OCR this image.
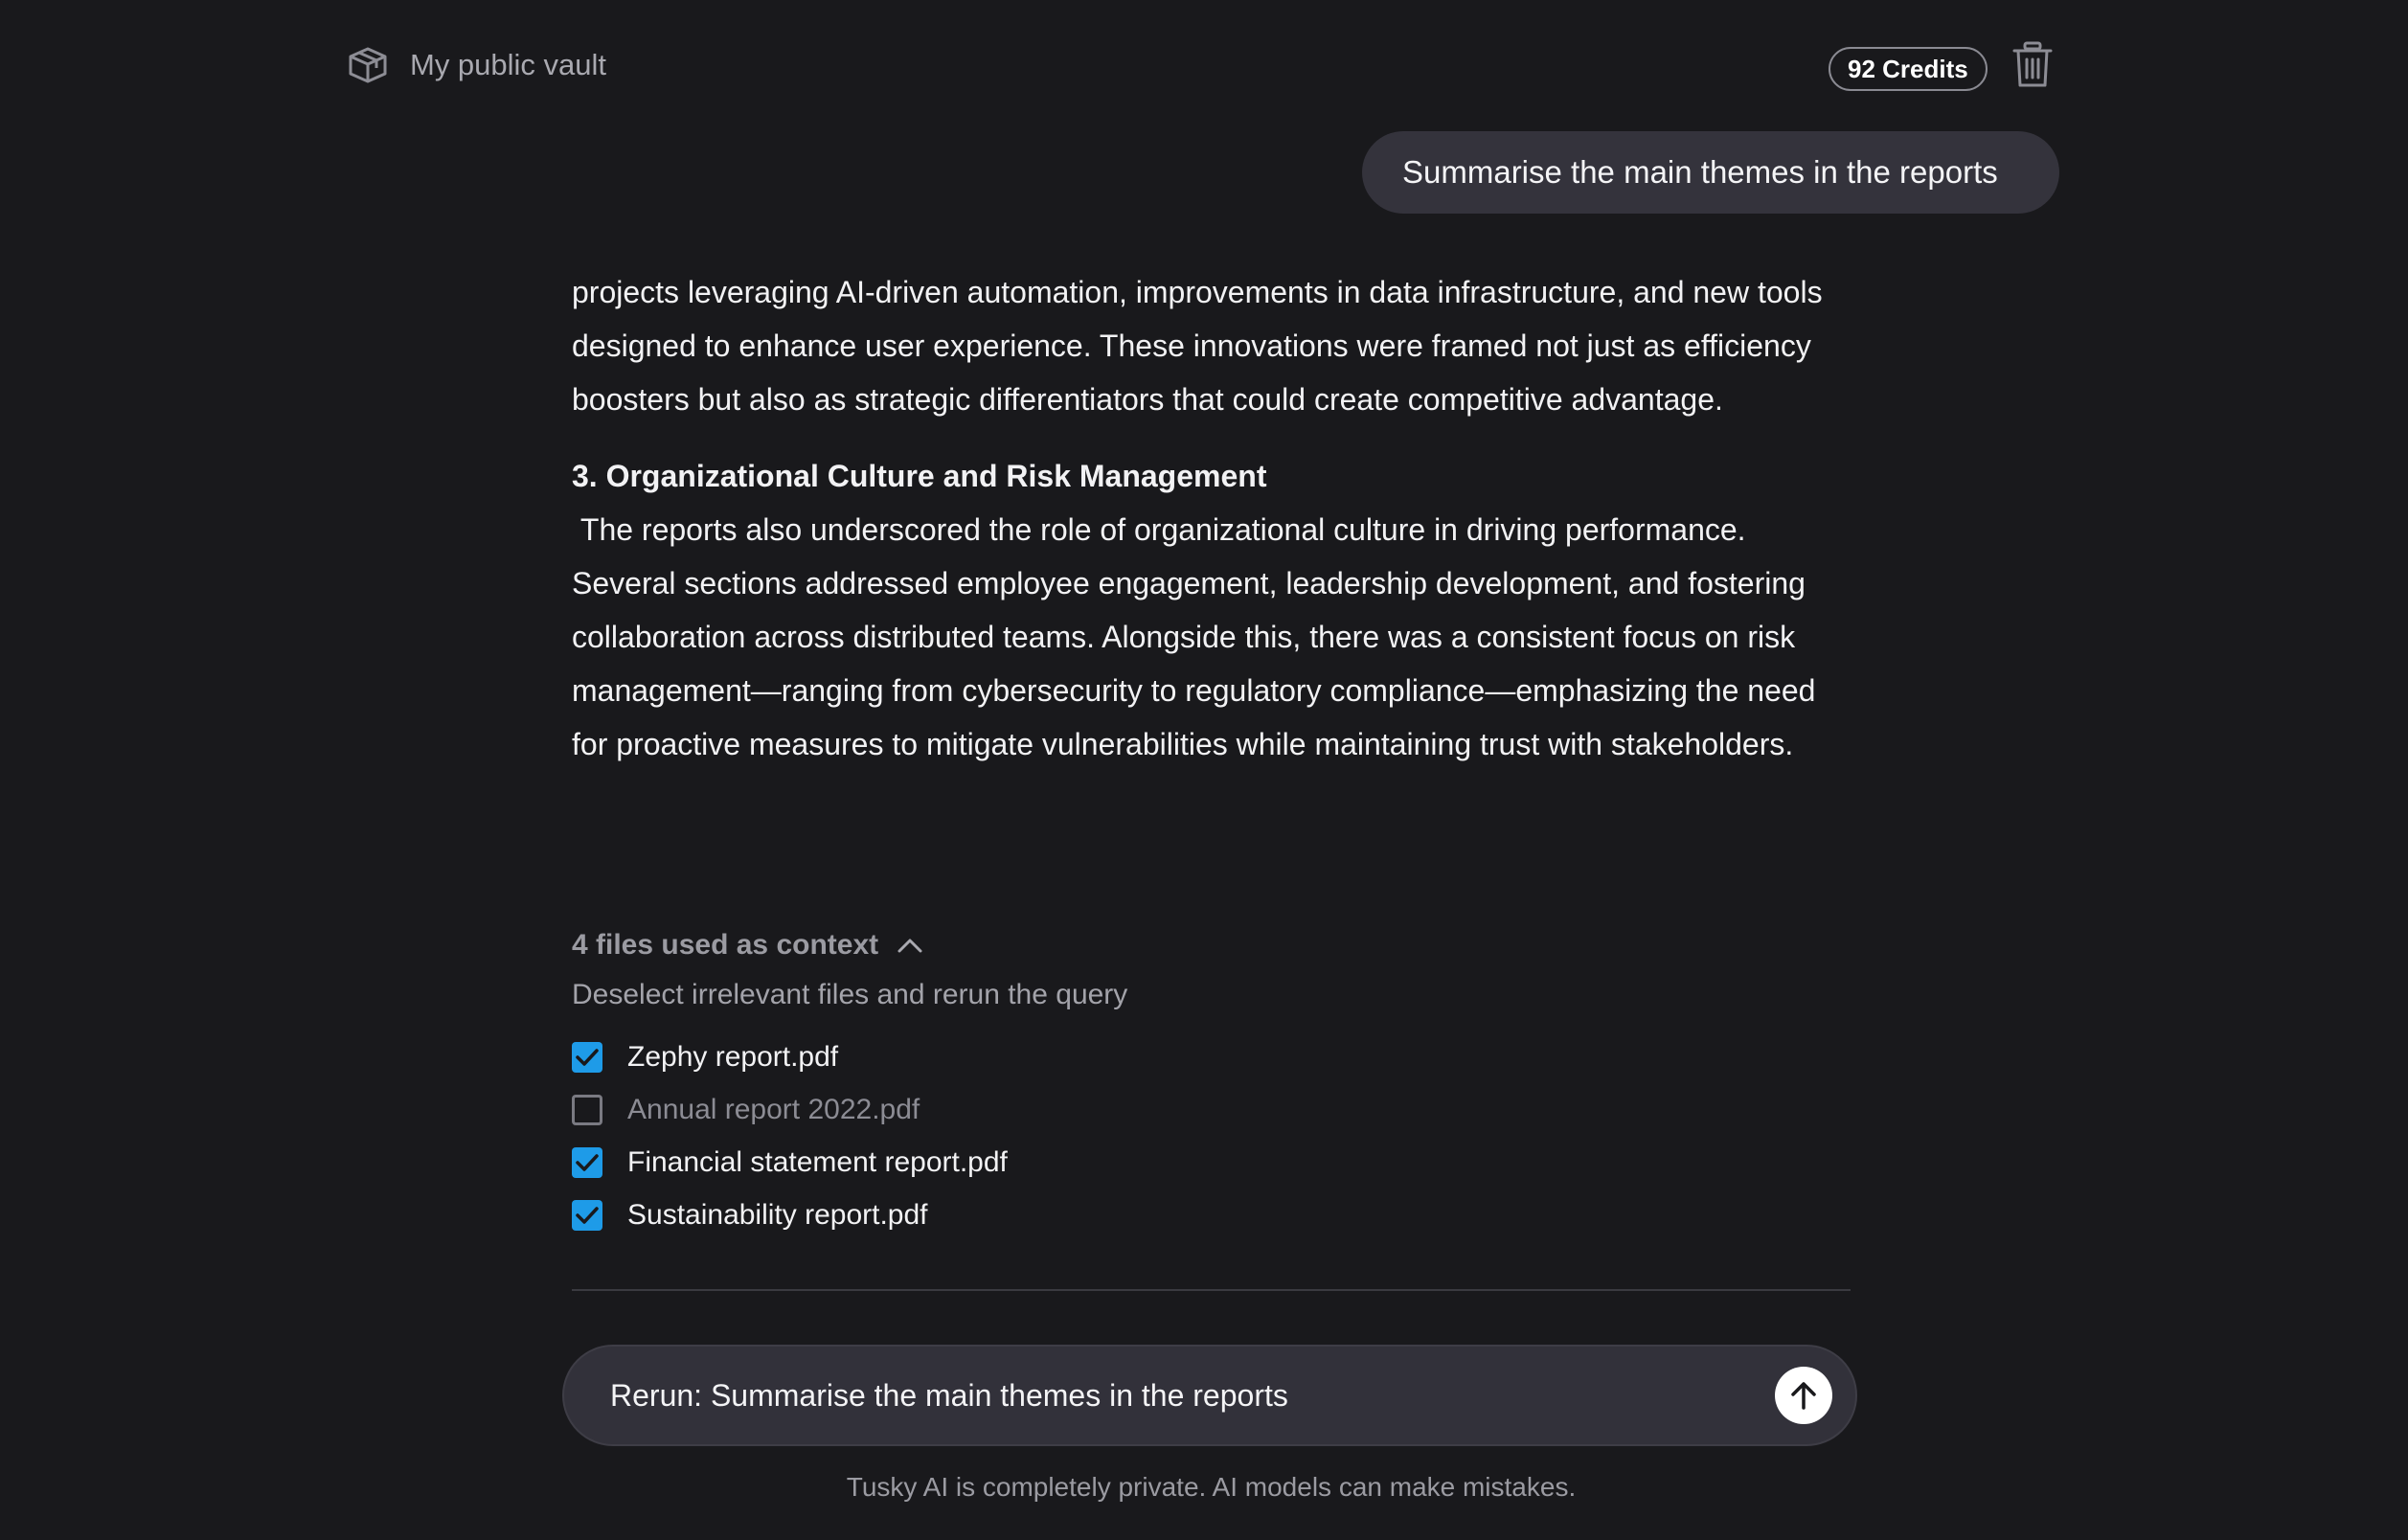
My public vault	92 Credits
Summarise the main themes in the reports

projects leveraging AI-driven automation, improvements in data infrastructure, and new tools designed to enhance user experience. These innovations were framed not just as efficiency boosters but also as strategic differentiators that could create competitive advantage.

3. Organizational Culture and Risk Management

The reports also underscored the role of organizational culture in driving performance. Several sections addressed employee engagement, leadership development, and fostering collaboration across distributed teams. Alongside this, there was a consistent focus on risk management—ranging from cybersecurity to regulatory compliance—emphasizing the need for proactive measures to mitigate vulnerabilities while maintaining trust with stakeholders.

4 files used as context
Deselect irrelevant files and rerun the query
Zephy report.pdf
Annual report 2022.pdf
Financial statement report.pdf
Sustainability report.pdf
Rerun: Summarise the main themes in the reports
Tusky AI is completely private. AI models can make mistakes.
